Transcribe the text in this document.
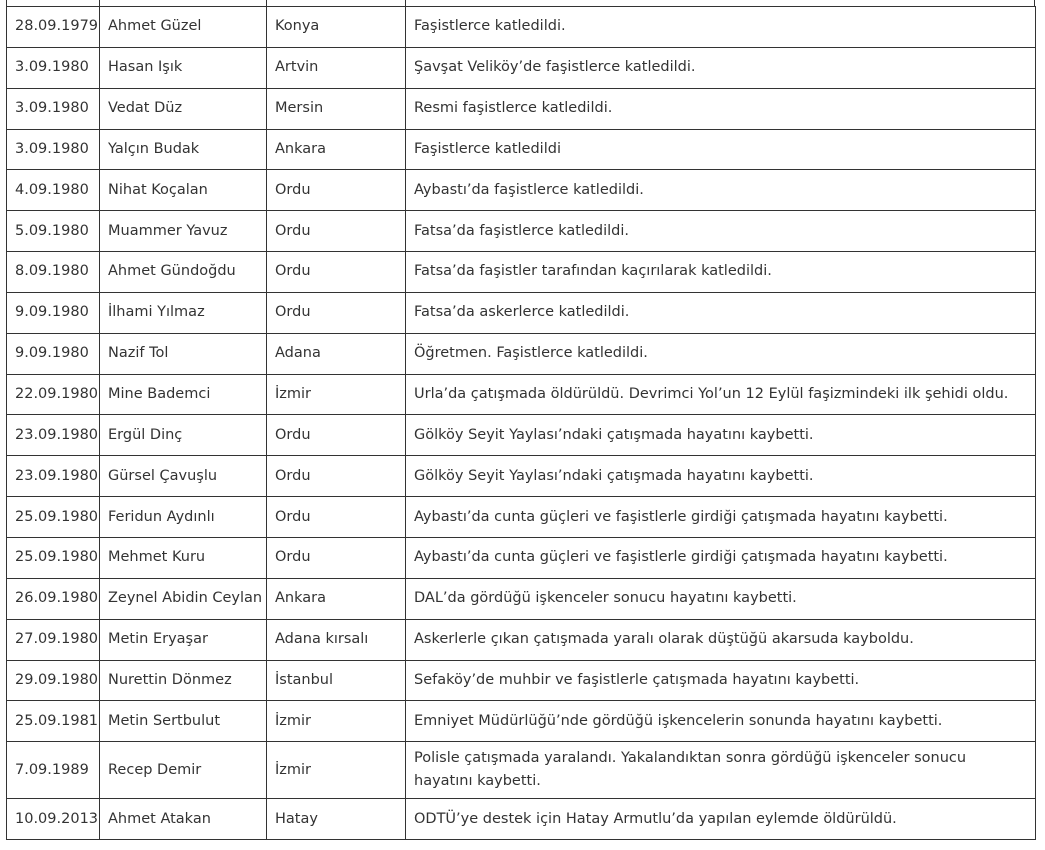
28.09.1979	Ahmet Güzel	Konya	Faşistlerce katledildi.
3.09.1980	Hasan Işık	Artvin	Şavşat Veliköy’de faşistlerce katledildi.
3.09.1980	Vedat Düz	Mersin	Resmi faşistlerce katledildi.
3.09.1980	Yalçın Budak	Ankara	Faşistlerce katledildi
4.09.1980	Nihat Koçalan	Ordu	Aybastı’da faşistlerce katledildi.
5.09.1980	Muammer Yavuz	Ordu	Fatsa’da faşistlerce katledildi.
8.09.1980	Ahmet Gündoğdu	Ordu	Fatsa’da faşistler tarafından kaçırılarak katledildi.
9.09.1980	İlhami Yılmaz	Ordu	Fatsa’da askerlerce katledildi.
9.09.1980	Nazif Tol	Adana	Öğretmen. Faşistlerce katledildi.
22.09.1980	Mine Bademci	İzmir	Urla’da çatışmada öldürüldü. Devrimci Yol’un 12 Eylül faşizmindeki ilk şehidi oldu.
23.09.1980	Ergül Dinç	Ordu	Gölköy Seyit Yaylası’ndaki çatışmada hayatını kaybetti.
23.09.1980	Gürsel Çavuşlu	Ordu	Gölköy Seyit Yaylası’ndaki çatışmada hayatını kaybetti.
25.09.1980	Feridun Aydınlı	Ordu	Aybastı’da cunta güçleri ve faşistlerle girdiği çatışmada hayatını kaybetti.
25.09.1980	Mehmet Kuru	Ordu	Aybastı’da cunta güçleri ve faşistlerle girdiği çatışmada hayatını kaybetti.
26.09.1980	Zeynel Abidin Ceylan	Ankara	DAL’da gördüğü işkenceler sonucu hayatını kaybetti.
27.09.1980	Metin Eryaşar	Adana kırsalı	Askerlerle çıkan çatışmada yaralı olarak düştüğü akarsuda kayboldu.
29.09.1980	Nurettin Dönmez	İstanbul	Sefaköy’de muhbir ve faşistlerle çatışmada hayatını kaybetti.
25.09.1981	Metin Sertbulut	İzmir	Emniyet Müdürlüğü’nde gördüğü işkencelerin sonunda hayatını kaybetti.
7.09.1989	Recep Demir	İzmir	Polisle çatışmada yaralandı. Yakalandıktan sonra gördüğü işkenceler sonucu hayatını kaybetti.
10.09.2013	Ahmet Atakan	Hatay	ODTÜ’ye destek için Hatay Armutlu’da yapılan eylemde öldürüldü.
